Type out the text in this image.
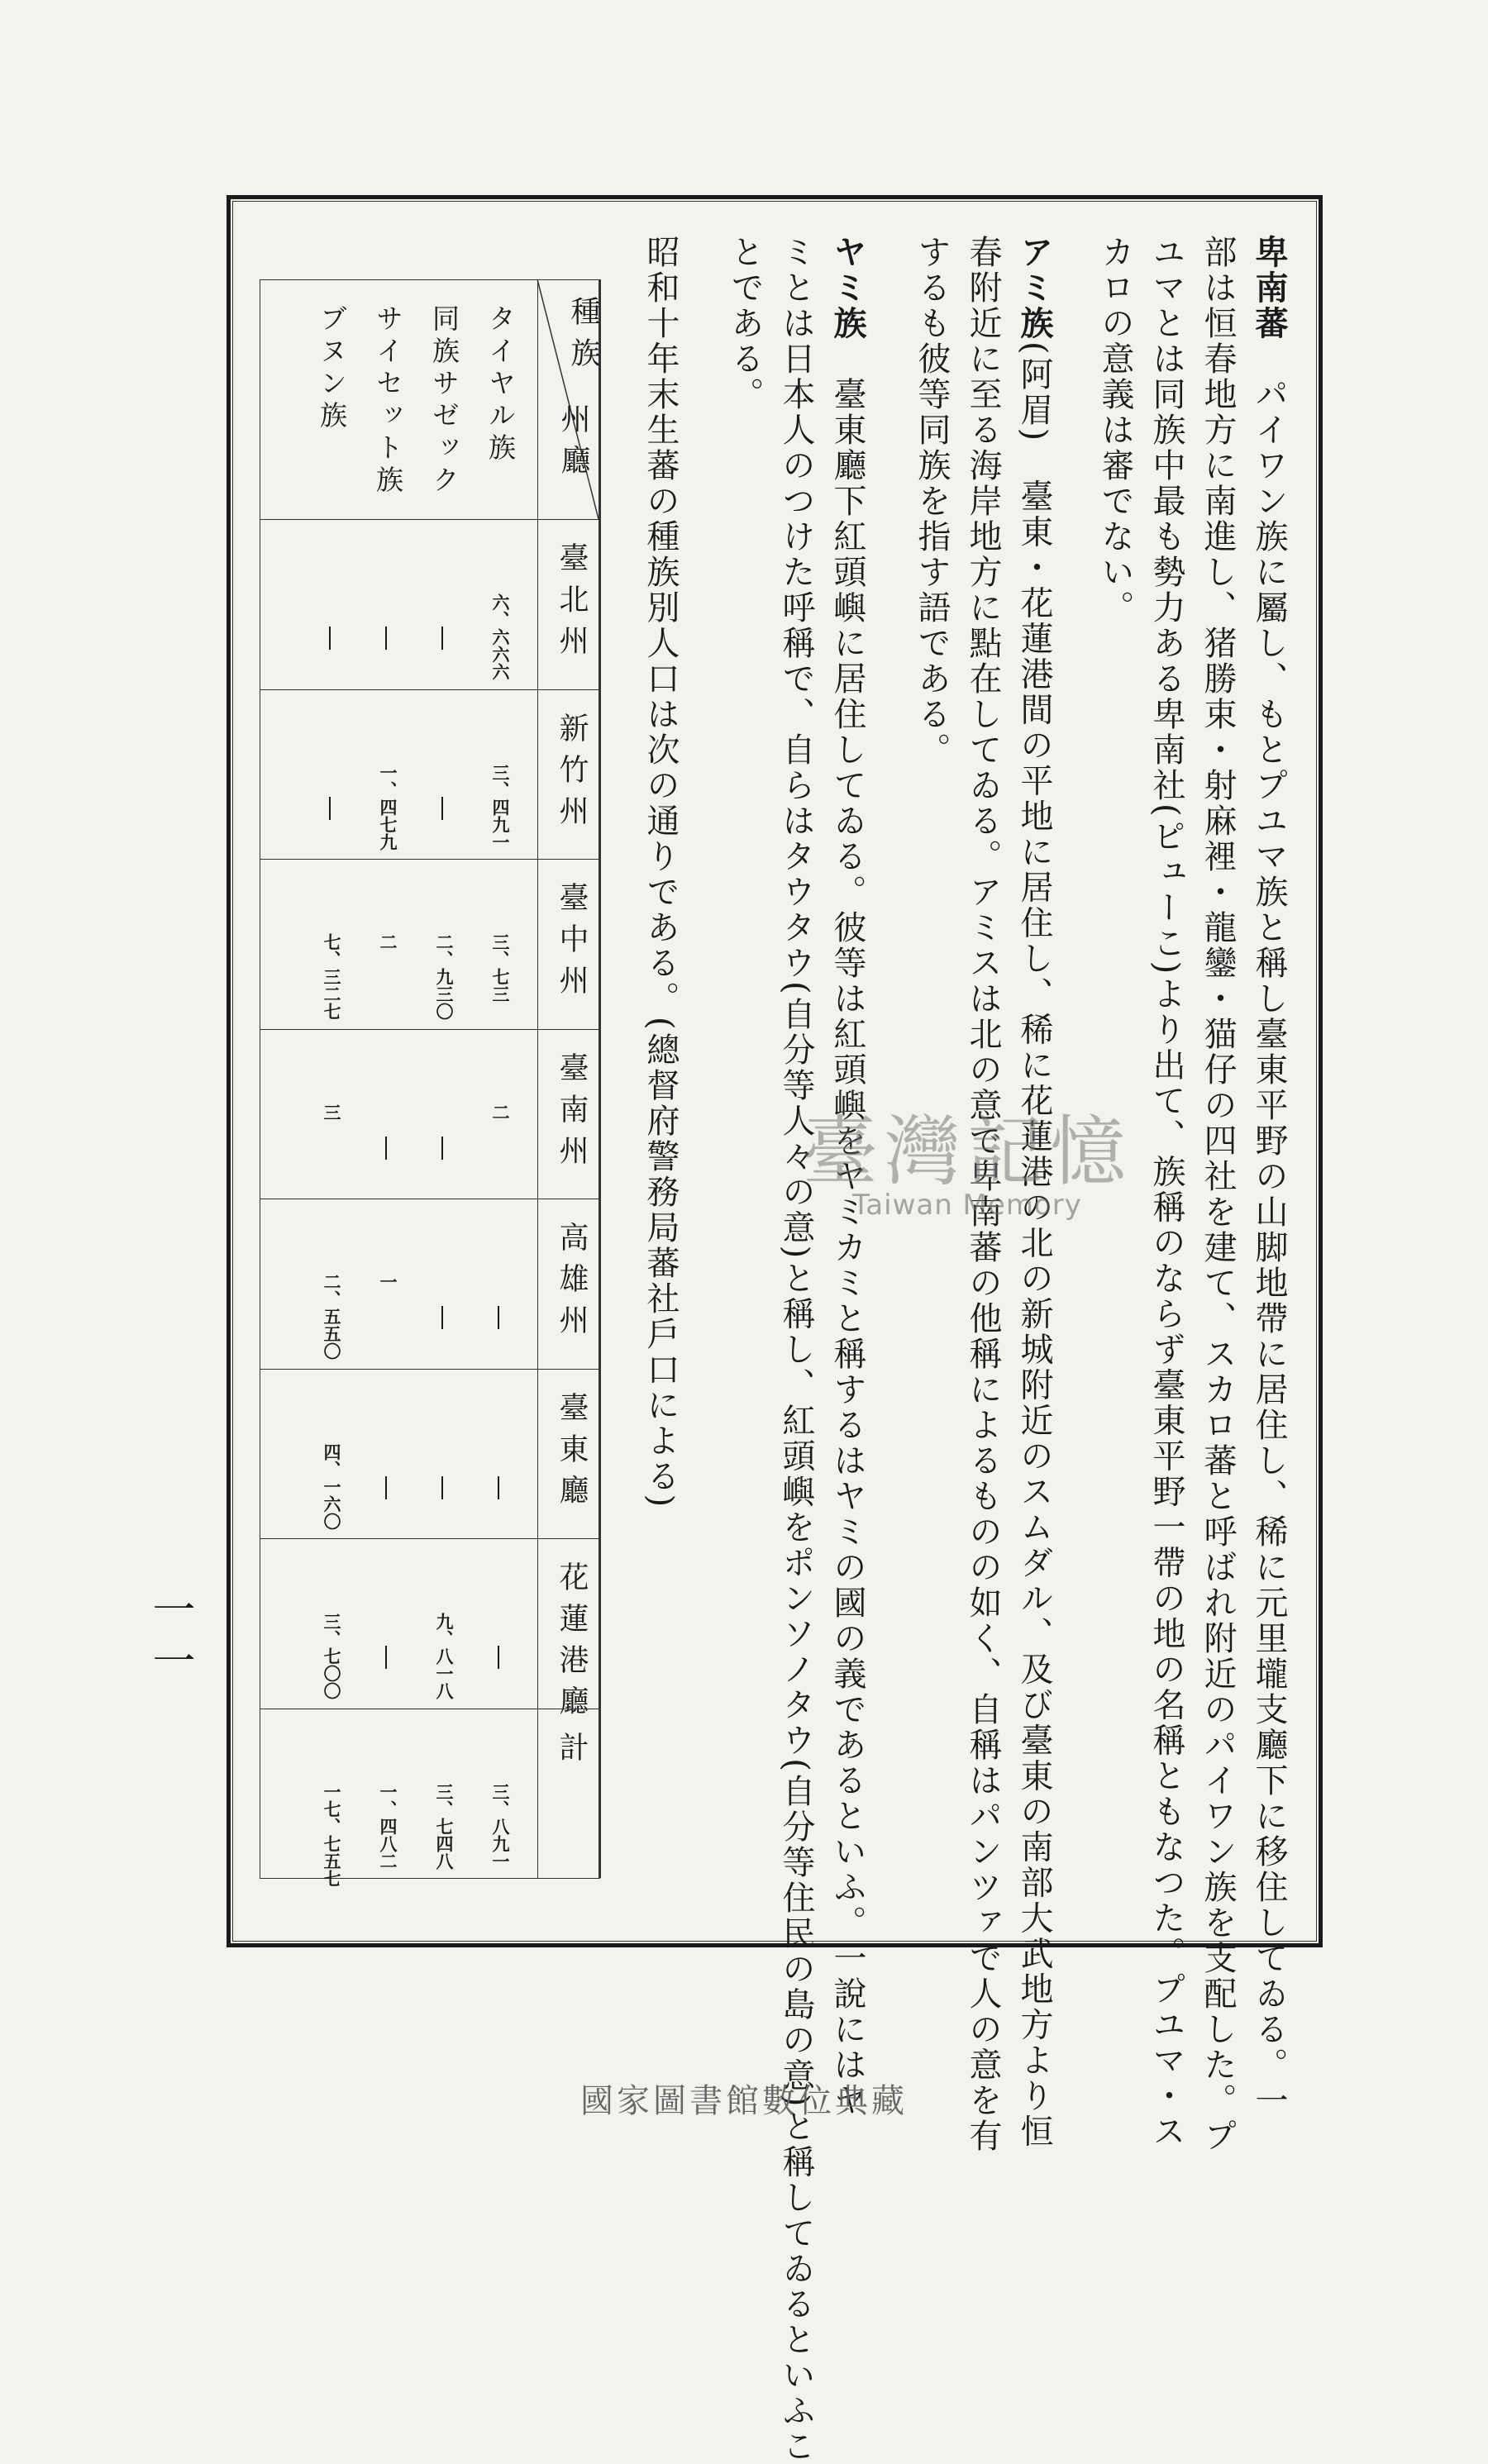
卑南蕃　パイワン族に屬し、もとプユマ族と稱し臺東平野の山脚地帶に居住し、稀に元里壠支廳下に移住してゐる。一
部は恒春地方に南進し、猪勝束・射麻裡・龍鑾・猫仔の四社を建て、スカロ蕃と呼ばれ附近のパイワン族を支配した。プ
ユマとは同族中最も勢力ある卑南社(ピューこ)より出て、族稱のならず臺東平野一帶の地の名稱ともなつた。プユマ・ス
カロの意義は審でない。
アミ族(阿眉)　臺東・花蓮港間の平地に居住し、稀に花蓮港の北の新城附近のスムダル、及び臺東の南部大武地方より恒
春附近に至る海岸地方に點在してゐる。アミスは北の意で卑南蕃の他稱によるものの如く、自稱はパンツァで人の意を有
するも彼等同族を指す語である。
ヤミ族　臺東廳下紅頭嶼に居住してゐる。彼等は紅頭嶼をヤミカミと稱するはヤミの國の義であるといふ。一說にはヤ
ミとは日本人のつけた呼稱で、自らはタウタウ(自分等人々の意)と稱し、紅頭嶼をポンソノタウ(自分等住民の島の意)と稱してゐるといふこ
とである。
昭和十年末生蕃の種族別人口は次の通りである。(總督府警務局蕃社戶口による)
種族
州廳
タイヤル族
同族サゼック
サイセット族
ブヌン族
臺北州
六、六六六
新竹州
三、四九一
一、四七九
臺中州
三、七三
二、九三〇
二
七、三二七
臺南州
二
三
高雄州
一
二、五五〇
臺東廳
四、一六〇
花蓮港廳
九、八一八
三、七〇〇
計
三、八九一
三、七四八
一、四八二
一七、七五七
一一
臺灣記憶
Taiwan Memory
國家圖書館數位典藏
